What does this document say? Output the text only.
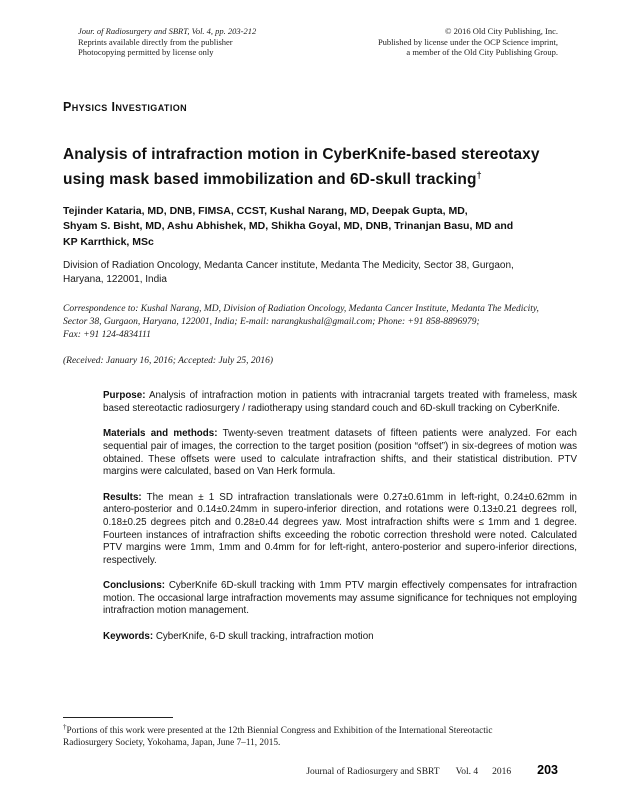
Jour. of Radiosurgery and SBRT, Vol. 4, pp. 203-212
Reprints available directly from the publisher
Photocopying permitted by license only
© 2016 Old City Publishing, Inc.
Published by license under the OCP Science imprint,
a member of the Old City Publishing Group.
Physics Investigation
Analysis of intrafraction motion in CyberKnife-based stereotaxy
using mask based immobilization and 6D-skull tracking†
Tejinder Kataria, MD, DNB, FIMSA, CCST, Kushal Narang, MD, Deepak Gupta, MD,
Shyam S. Bisht, MD, Ashu Abhishek, MD, Shikha Goyal, MD, DNB, Trinanjan Basu, MD and
KP Karrthick, MSc
Division of Radiation Oncology, Medanta Cancer institute, Medanta The Medicity, Sector 38, Gurgaon,
Haryana, 122001, India
Correspondence to: Kushal Narang, MD, Division of Radiation Oncology, Medanta Cancer Institute, Medanta The Medicity,
Sector 38, Gurgaon, Haryana, 122001, India; E-mail: narangkushal@gmail.com; Phone: +91 858-8896979;
Fax: +91 124-4834111
(Received: January 16, 2016; Accepted: July 25, 2016)

Purpose: Analysis of intrafraction motion in patients with intracranial targets treated with frameless, mask based stereotactic radiosurgery / radiotherapy using standard couch and 6D-skull tracking on CyberKnife.

Materials and methods: Twenty-seven treatment datasets of fifteen patients were analyzed. For each sequential pair of images, the correction to the target position (position “offset”) in six-degrees of motion was obtained. These offsets were used to calculate intrafraction shifts, and their statistical distribution. PTV margins were calculated, based on Van Herk formula.

Results: The mean ± 1 SD intrafraction translationals were 0.27±0.61mm in left-right, 0.24±0.62mm in antero-posterior and 0.14±0.24mm in supero-inferior direction, and rotations were 0.13±0.21 degrees roll, 0.18±0.25 degrees pitch and 0.28±0.44 degrees yaw. Most intrafraction shifts were ≤ 1mm and 1 degree. Fourteen instances of intrafraction shifts exceeding the robotic correction threshold were noted. Calculated PTV margins were 1mm, 1mm and 0.4mm for for left-right, antero-posterior and supero-inferior directions, respectively.

Conclusions: CyberKnife 6D-skull tracking with 1mm PTV margin effectively compensates for intrafraction motion. The occasional large intrafraction movements may assume significance for techniques not employing intrafraction motion management.

Keywords: CyberKnife, 6-D skull tracking, intrafraction motion

†Portions of this work were presented at the 12th Biennial Congress and Exhibition of the International Stereotactic
Radiosurgery Society, Yokohama, Japan, June 7–11, 2015.
Journal of Radiosurgery and SBRT Vol. 4 2016 203
